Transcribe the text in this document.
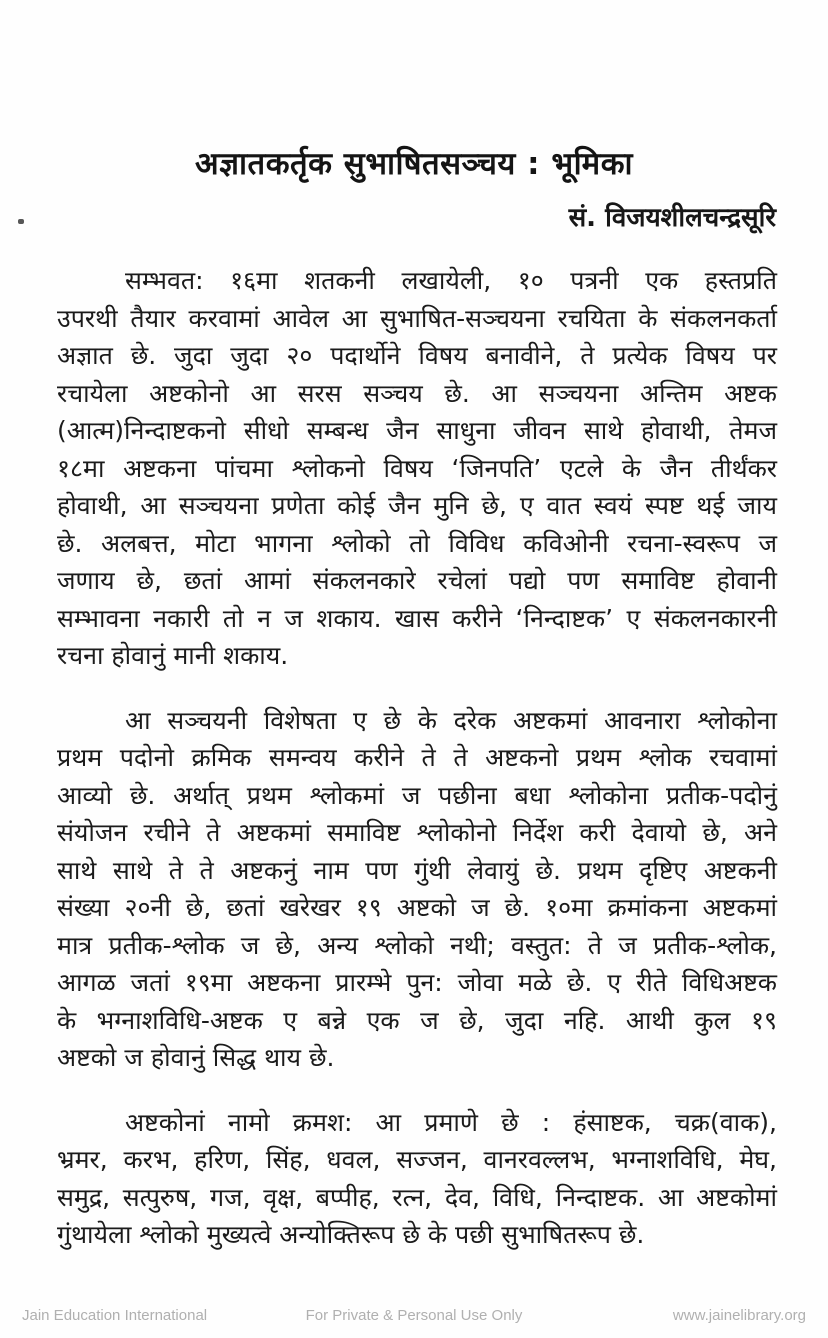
अज्ञातकर्तृक सुभाषितसञ्चय : भूमिका
सं. विजयशीलचन्द्रसूरि
सम्भवत: १६मा शतकनी लखायेली, १० पत्रनी एक हस्तप्रति
उपरथी तैयार करवामां आवेल आ सुभाषित-सञ्चयना रचयिता के संकलनकर्ता
अज्ञात छे. जुदा जुदा २० पदार्थोने विषय बनावीने, ते प्रत्येक विषय पर
रचायेला अष्टकोनो आ सरस सञ्चय छे. आ सञ्चयना अन्तिम अष्टक
(आत्म)निन्दाष्टकनो सीधो सम्बन्ध जैन साधुना जीवन साथे होवाथी, तेमज
१८मा अष्टकना पांचमा श्लोकनो विषय ‘जिनपति’ एटले के जैन तीर्थंकर
होवाथी, आ सञ्चयना प्रणेता कोई जैन मुनि छे, ए वात स्वयं स्पष्ट थई जाय
छे. अलबत्त, मोटा भागना श्लोको तो विविध कविओनी रचना-स्वरूप ज
जणाय छे, छतां आमां संकलनकारे रचेलां पद्यो पण समाविष्ट होवानी
सम्भावना नकारी तो न ज शकाय. खास करीने ‘निन्दाष्टक’ ए संकलनकारनी
रचना होवानुं मानी शकाय.
आ सञ्चयनी विशेषता ए छे के दरेक अष्टकमां आवनारा श्लोकोना
प्रथम पदोनो क्रमिक समन्वय करीने ते ते अष्टकनो प्रथम श्लोक रचवामां
आव्यो छे. अर्थात् प्रथम श्लोकमां ज पछीना बधा श्लोकोना प्रतीक-पदोनुं
संयोजन रचीने ते अष्टकमां समाविष्ट श्लोकोनो निर्देश करी देवायो छे, अने
साथे साथे ते ते अष्टकनुं नाम पण गुंथी लेवायुं छे. प्रथम दृष्टिए अष्टकनी
संख्या २०नी छे, छतां खरेखर १९ अष्टको ज छे. १०मा क्रमांकना अष्टकमां
मात्र प्रतीक-श्लोक ज छे, अन्य श्लोको नथी; वस्तुत: ते ज प्रतीक-श्लोक,
आगळ जतां १९मा अष्टकना प्रारम्भे पुन: जोवा मळे छे. ए रीते विधिअष्टक
के भग्नाशविधि-अष्टक ए बन्ने एक ज छे, जुदा नहि. आथी कुल १९
अष्टको ज होवानुं सिद्ध थाय छे.
अष्टकोनां नामो क्रमश: आ प्रमाणे छे : हंसाष्टक, चक्र(वाक),
भ्रमर, करभ, हरिण, सिंह, धवल, सज्जन, वानरवल्लभ, भग्नाशविधि, मेघ,
समुद्र, सत्पुरुष, गज, वृक्ष, बप्पीह, रत्न, देव, विधि, निन्दाष्टक. आ अष्टकोमां
गुंथायेला श्लोको मुख्यत्वे अन्योक्तिरूप छे के पछी सुभाषितरूप छे.
Jain Education International	For Private & Personal Use Only	www.jainelibrary.org
